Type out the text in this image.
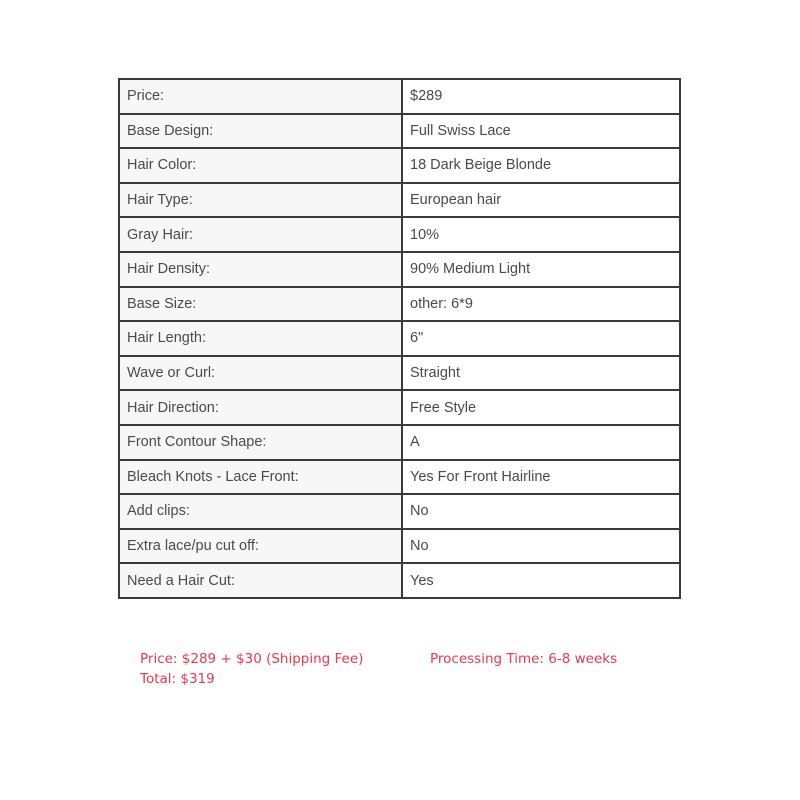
Price:	$289
Base Design:	Full Swiss Lace
Hair Color:	18 Dark Beige Blonde
Hair Type:	European hair
Gray Hair:	10%
Hair Density:	90% Medium Light
Base Size:	other: 6*9
Hair Length:	6"
Wave or Curl:	Straight
Hair Direction:	Free Style
Front Contour Shape:	A
Bleach Knots - Lace Front:	Yes For Front Hairline
Add clips:	No
Extra lace/pu cut off:	No
Need a Hair Cut:	Yes

Price: $289 + $30 (Shipping Fee)

Total: $319

Processing Time: 6-8 weeks
